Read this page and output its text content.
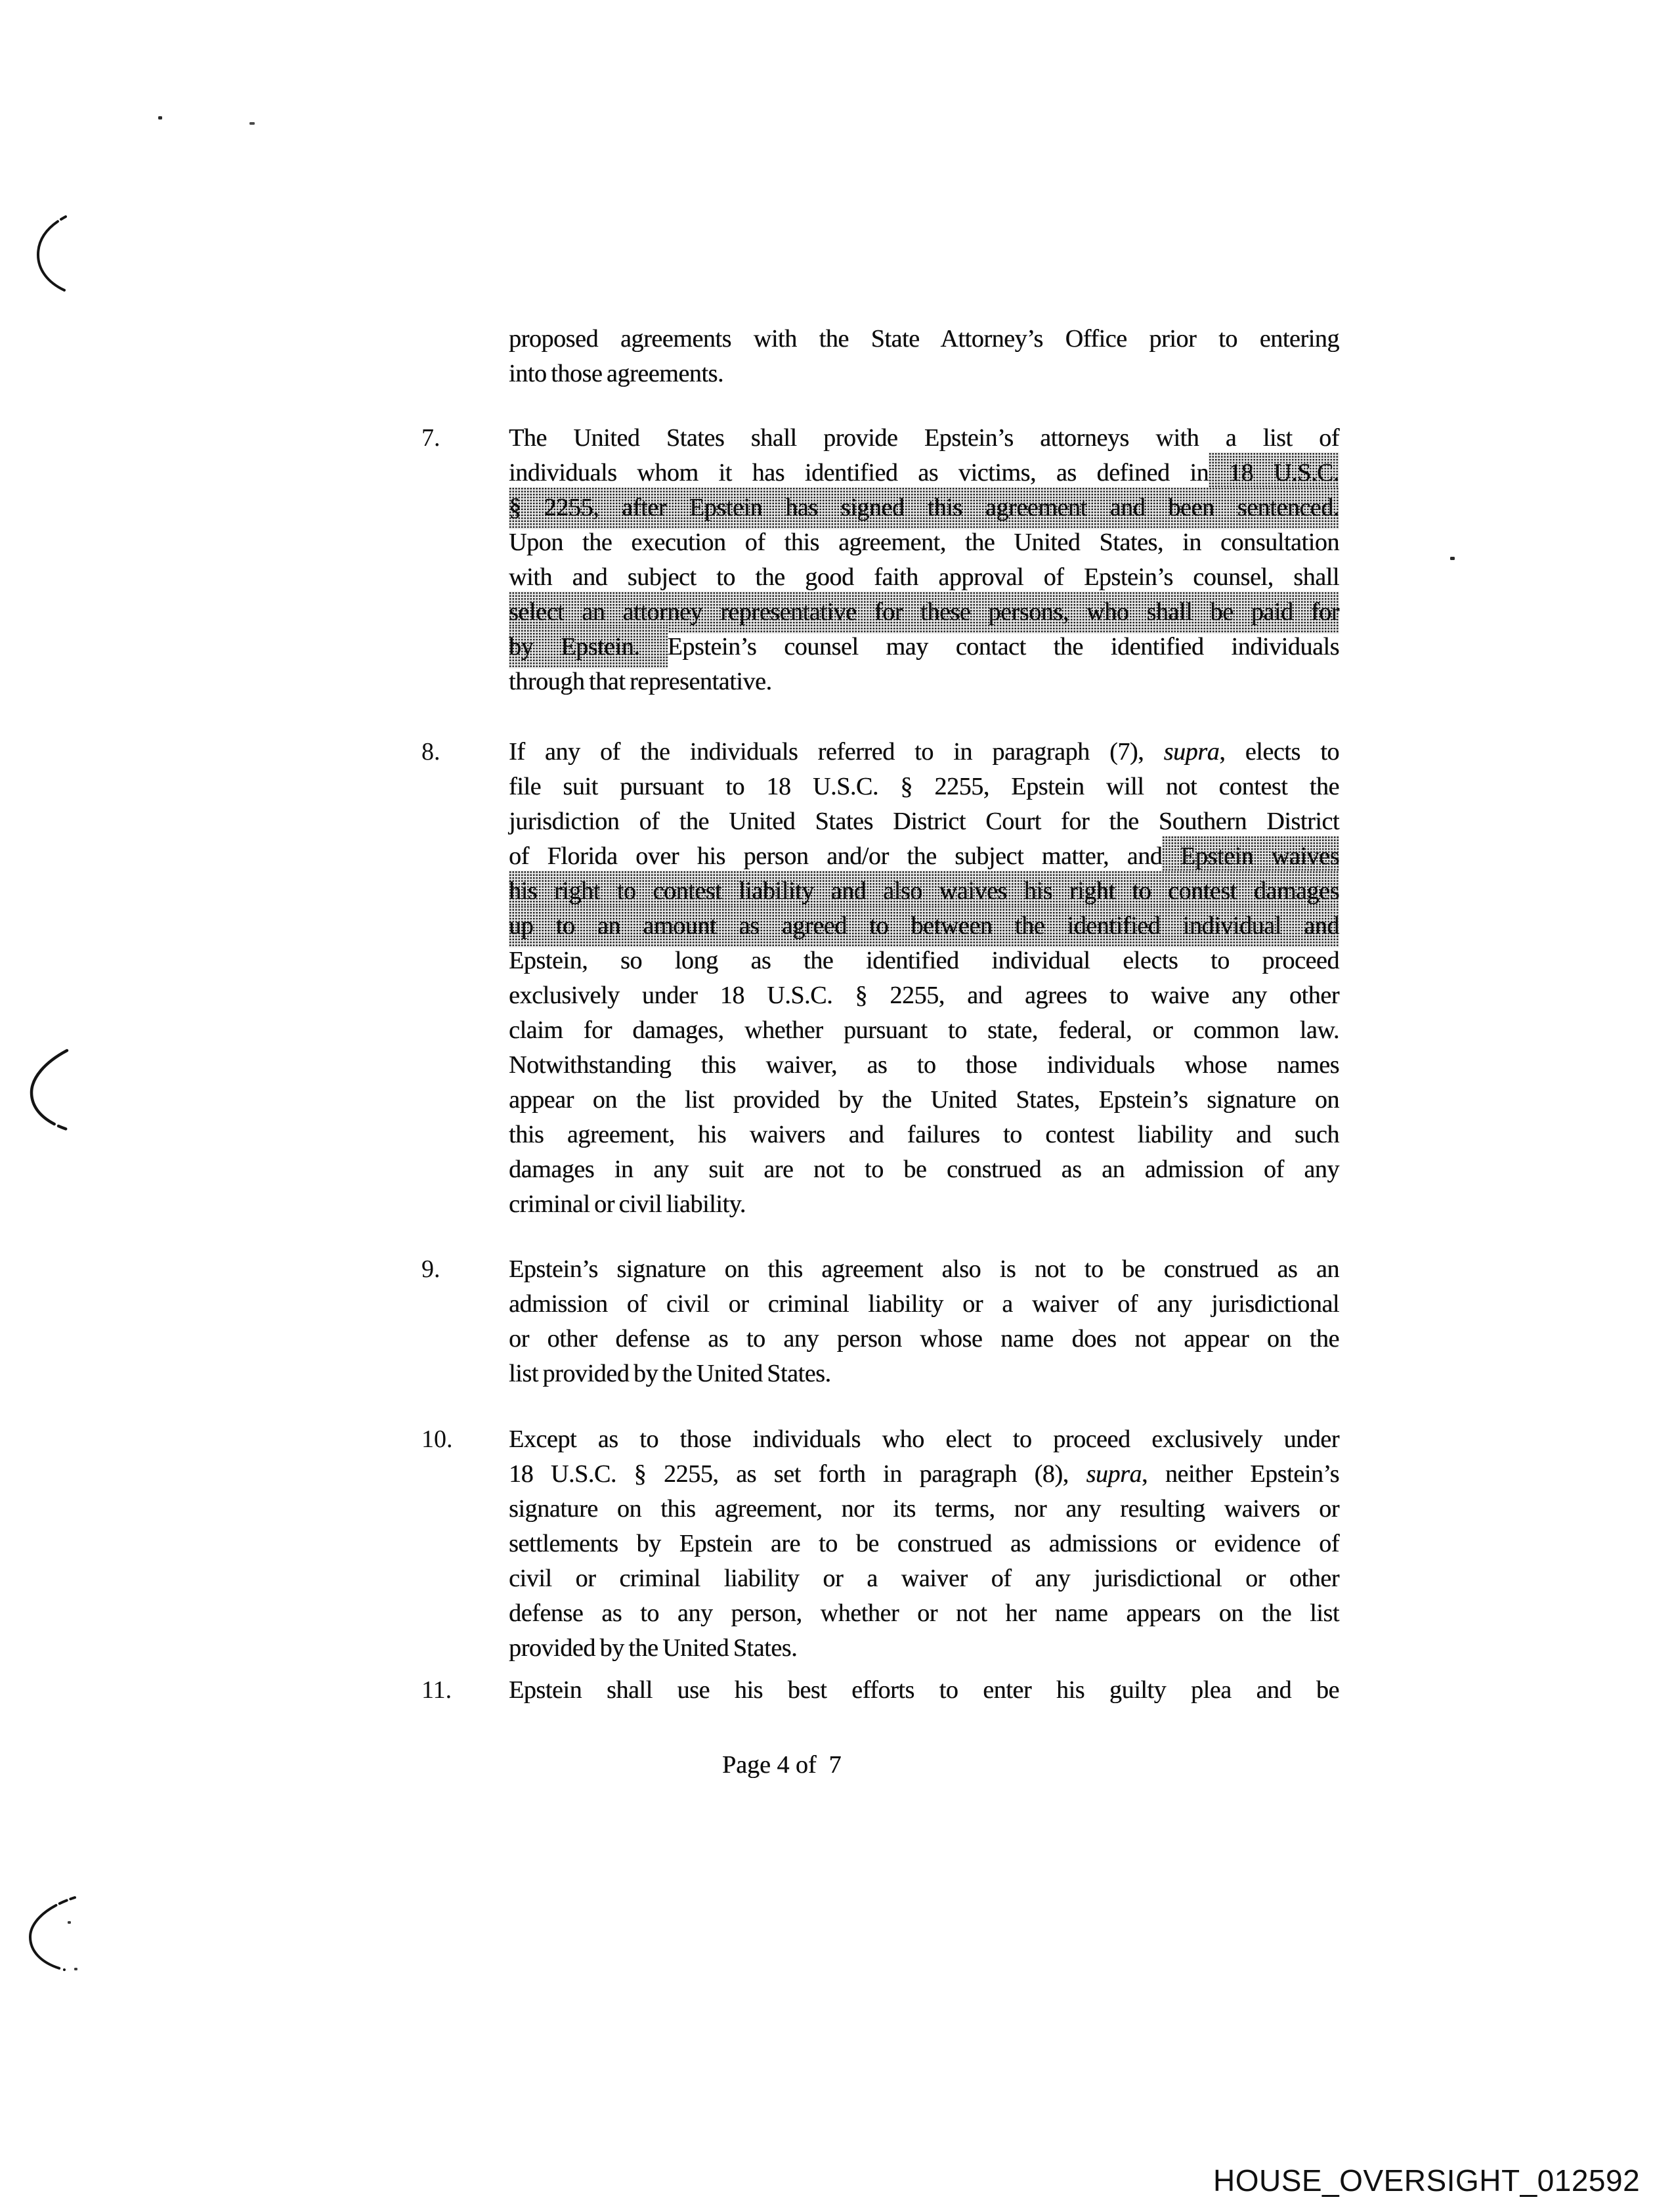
proposed agreements with the State Attorney’s Office prior to entering
into those agreements.
7.	The United States shall provide Epstein’s attorneys with a list of
individuals whom it has identified as victims, as defined in 18 U.S.C.
§ 2255, after Epstein has signed this agreement and been sentenced.
Upon the execution of this agreement, the United States, in consultation
with and subject to the good faith approval of Epstein’s counsel, shall
select an attorney representative for these persons, who shall be paid for
by Epstein. Epstein’s counsel may contact the identified individuals
through that representative.
8.	If any of the individuals referred to in paragraph (7), supra, elects to
file suit pursuant to 18 U.S.C. § 2255, Epstein will not contest the
jurisdiction of the United States District Court for the Southern District
of Florida over his person and/or the subject matter, and Epstein waives
his right to contest liability and also waives his right to contest damages
up to an amount as agreed to between the identified individual and
Epstein, so long as the identified individual elects to proceed
exclusively under 18 U.S.C. § 2255, and agrees to waive any other
claim for damages, whether pursuant to state, federal, or common law.
Notwithstanding this waiver, as to those individuals whose names
appear on the list provided by the United States, Epstein’s signature on
this agreement, his waivers and failures to contest liability and such
damages in any suit are not to be construed as an admission of any
criminal or civil liability.
9.	Epstein’s signature on this agreement also is not to be construed as an
admission of civil or criminal liability or a waiver of any jurisdictional
or other defense as to any person whose name does not appear on the
list provided by the United States.
10. Except as to those individuals who elect to proceed exclusively under
18 U.S.C. § 2255, as set forth in paragraph (8), supra, neither Epstein’s
signature on this agreement, nor its terms, nor any resulting waivers or
settlements by Epstein are to be construed as admissions or evidence of
civil or criminal liability or a waiver of any jurisdictional or other
defense as to any person, whether or not her name appears on the list
provided by the United States.
11. Epstein shall use his best efforts to enter his guilty plea and be
Page 4 of  7
HOUSE_OVERSIGHT_012592
